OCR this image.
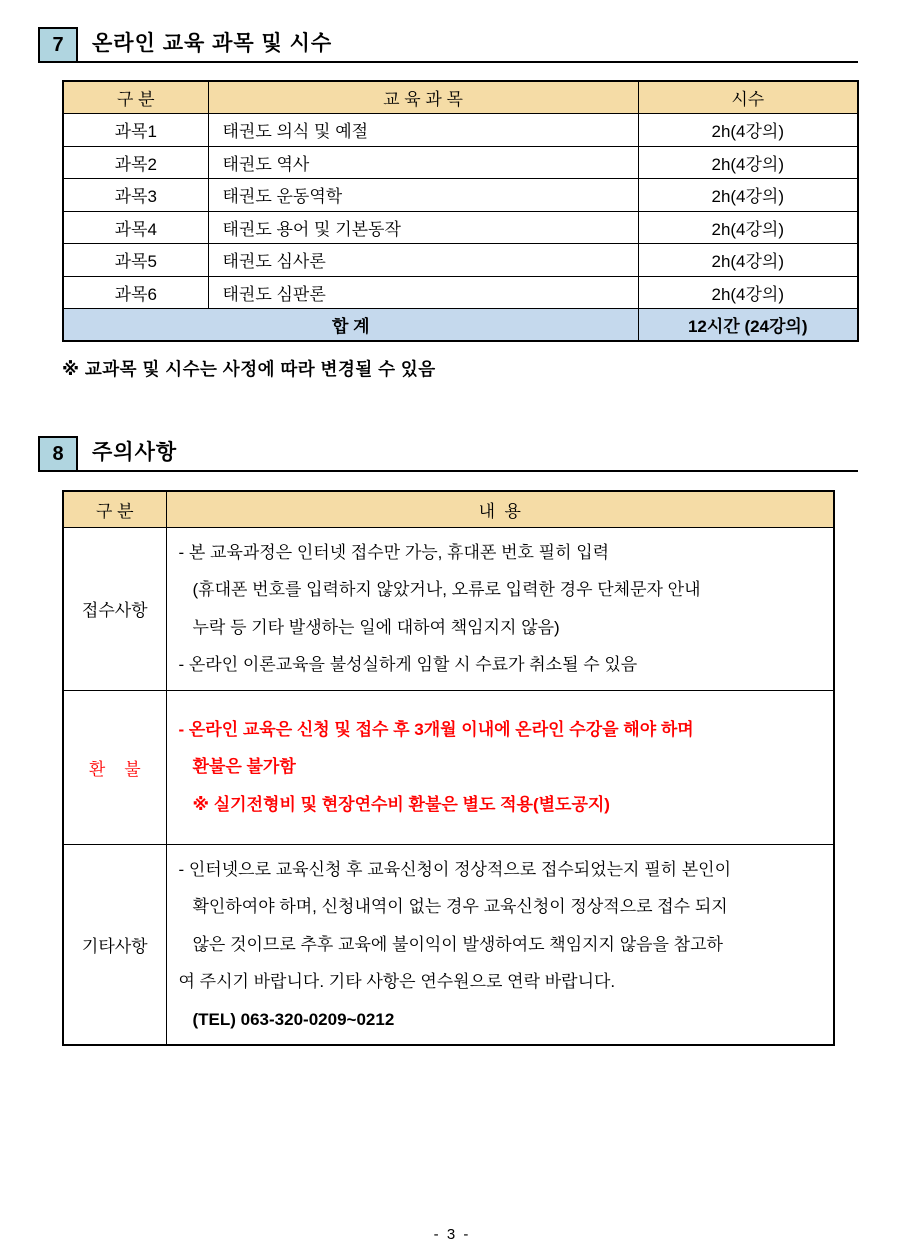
7	온라인 교육 과목 및 시수
구 분	교 육 과 목	시수
과목1	태권도 의식 및 예절	2h(4강의)
과목2	태권도 역사	2h(4강의)
과목3	태권도 운동역학	2h(4강의)
과목4	태권도 용어 및 기본동작	2h(4강의)
과목5	태권도 심사론	2h(4강의)
과목6	태권도 심판론	2h(4강의)
합 계		12시간 (24강의)
※ 교과목 및 시수는 사정에 따라 변경될 수 있음
8	주의사항
구 분	내  용
접수사항	- 본 교육과정은 인터넷 접수만 가능, 휴대폰 번호 필히 입력
(휴대폰 번호를 입력하지 않았거나, 오류로 입력한 경우 단체문자 안내
누락 등 기타 발생하는 일에 대하여 책임지지 않음)
- 온라인 이론교육을 불성실하게 임할 시 수료가 취소될 수 있음

환    불	- 온라인 교육은 신청 및 접수 후 3개월 이내에 온라인 수강을 해야 하며
환불은 불가함
※ 실기전형비 및 현장연수비 환불은 별도 적용(별도공지)

기타사항	- 인터넷으로 교육신청 후 교육신청이 정상적으로 접수되었는지 필히 본인이
확인하여야 하며, 신청내역이 없는 경우 교육신청이 정상적으로 접수 되지
않은 것이므로 추후 교육에 불이익이 발생하여도 책임지지 않음을 참고하
여 주시기 바랍니다. 기타 사항은 연수원으로 연락 바랍니다.
(TEL) 063-320-0209~0212
- 3 -
